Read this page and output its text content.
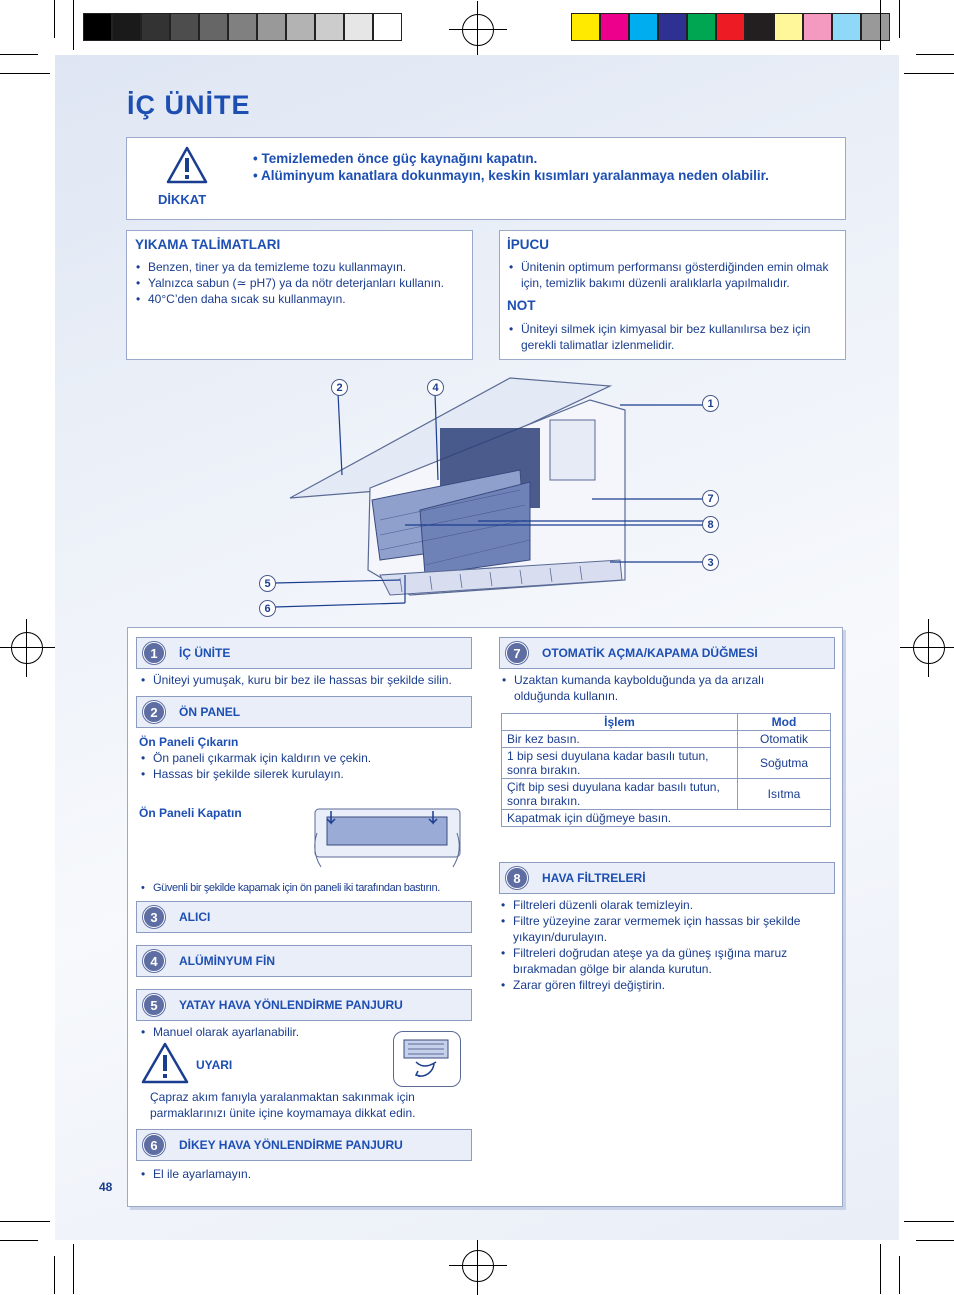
İÇ ÜNİTE
DİKKAT
• Temizlemeden önce güç kaynağını kapatın.
• Alüminyum kanatlara dokunmayın, keskin kısımları yaralanmaya neden olabilir.
YIKAMA TALİMATLARI
• Benzen, tiner ya da temizleme tozu kullanmayın.
• Yalnızca sabun (≃ pH7) ya da nötr deterjanları kullanın.
• 40°C’den daha sıcak su kullanmayın.
İPUCU
• Ünitenin optimum performansı gösterdiğinden emin olmak için, temizlik bakımı düzenli aralıklarla yapılmalıdır.
NOT
• Üniteyi silmek için kimyasal bir bez kullanılırsa bez için gerekli talimatlar izlenmelidir.
2	4
1
7
8
3
5
6
1	İÇ ÜNİTE
• Üniteyi yumuşak, kuru bir bez ile hassas bir şekilde silin.
2	ÖN PANEL
Ön Paneli Çıkarın
• Ön paneli çıkarmak için kaldırın ve çekin.
• Hassas bir şekilde silerek kurulayın.
Ön Paneli Kapatın
• Güvenli bir şekilde kapamak için ön paneli iki tarafından bastırın.
3	ALICI
4	ALÜMİNYUM FİN
5	YATAY HAVA YÖNLENDİRME PANJURU
• Manuel olarak ayarlanabilir.
UYARI
Çapraz akım fanıyla yaralanmaktan sakınmak için parmaklarınızı ünite içine koymamaya dikkat edin.
6	DİKEY HAVA YÖNLENDİRME PANJURU
• El ile ayarlamayın.
7	OTOMATİK AÇMA/KAPAMA DÜĞMESİ
• Uzaktan kumanda kaybolduğunda ya da arızalı olduğunda kullanın.
İşlem	Mod
Bir kez basın.	Otomatik
1 bip sesi duyulana kadar basılı tutun, sonra bırakın.	Soğutma
Çift bip sesi duyulana kadar basılı tutun, sonra bırakın.	Isıtma
Kapatmak için düğmeye basın.	
8	HAVA FİLTRELERİ
• Filtreleri düzenli olarak temizleyin.
• Filtre yüzeyine zarar vermemek için hassas bir şekilde yıkayın/durulayın.
• Filtreleri doğrudan ateşe ya da güneş ışığına maruz bırakmadan gölge bir alanda kurutun.
• Zarar gören filtreyi değiştirin.
48
